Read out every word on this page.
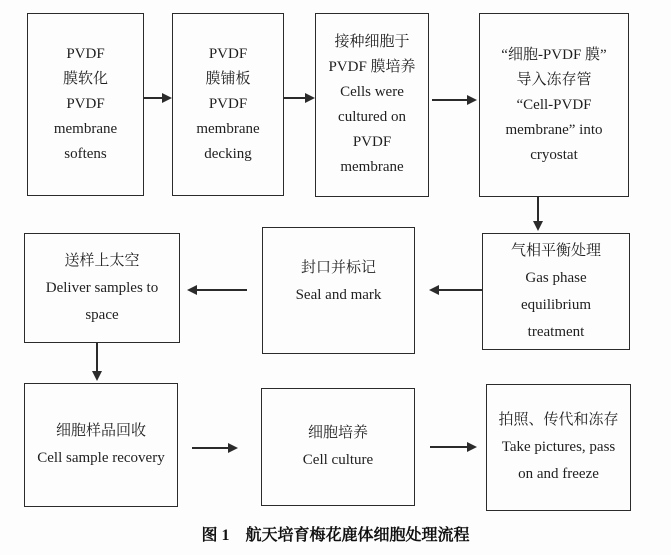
PVDF
膜软化
PVDF
membrane
softens
PVDF
膜铺板
PVDF
membrane
decking
接种细胞于
PVDF 膜培养
Cells were
cultured on
PVDF
membrane
“细胞-PVDF 膜”
导入冻存管
“Cell-PVDF
membrane” into
cryostat
气相平衡处理
Gas phase
equilibrium
treatment
封口并标记
Seal and mark
送样上太空
Deliver samples to
space
细胞样品回收
Cell sample recovery
细胞培养
Cell culture
拍照、传代和冻存
Take pictures, pass
on and freeze
图 1 航天培育梅花鹿体细胞处理流程
